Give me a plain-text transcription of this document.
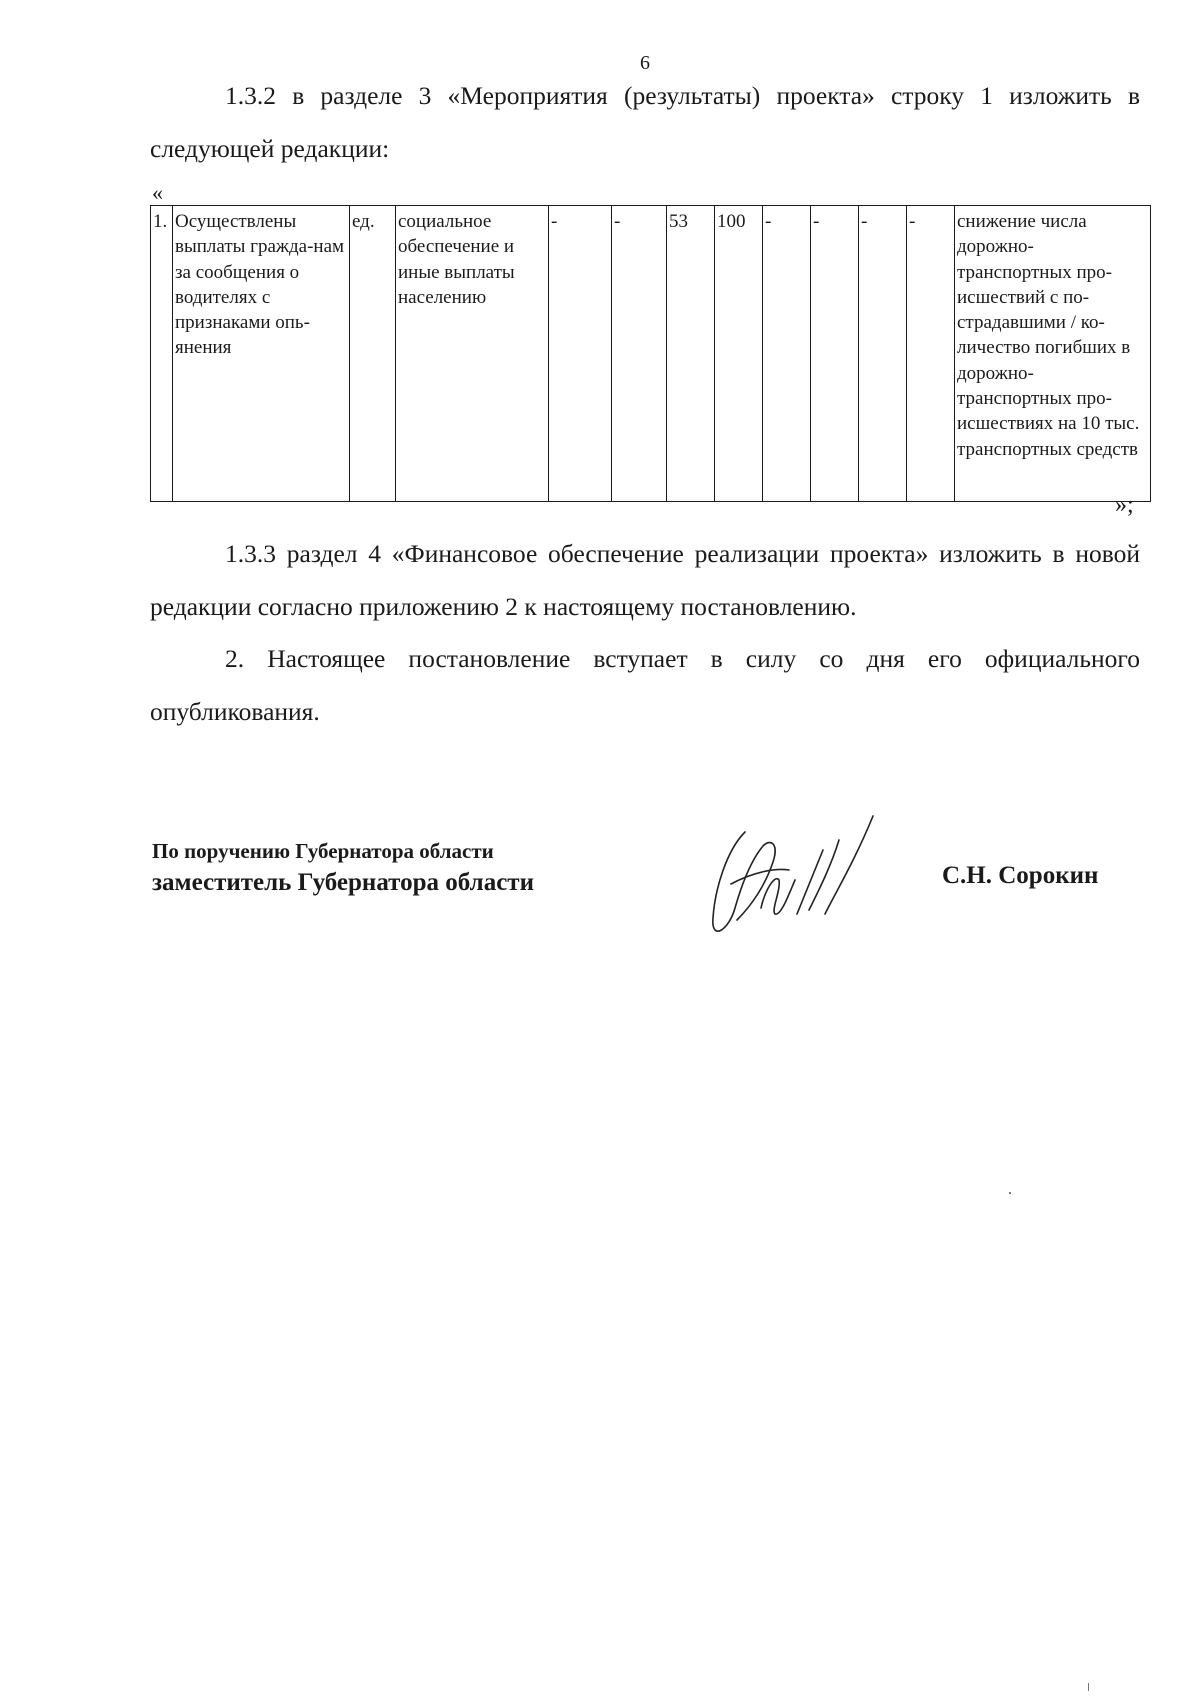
6

1.3.2 в разделе 3 «Мероприятия (результаты) проекта» строку 1 изложить в следующей редакции:

«
1.	Осуществлены выплаты гражда-нам за сообщения о водителях с признаками опь-янения	ед.	социальное обеспечение и иные выплаты населению	-	-	53	100	-	-	-	-	снижение числа дорожно-транспортных про-исшествий с по-страдавшими / ко-личество погибших в дорожно-транспортных про-исшествиях на 10 тыс. транспортных средств
»;

1.3.3 раздел 4 «Финансовое обеспечение реализации проекта» изложить в новой редакции согласно приложению 2 к настоящему постановлению.

2. Настоящее постановление вступает в силу со дня его официального опубликования.

По поручению Губернатора области
заместитель Губернатора области	С.Н. Сорокин
